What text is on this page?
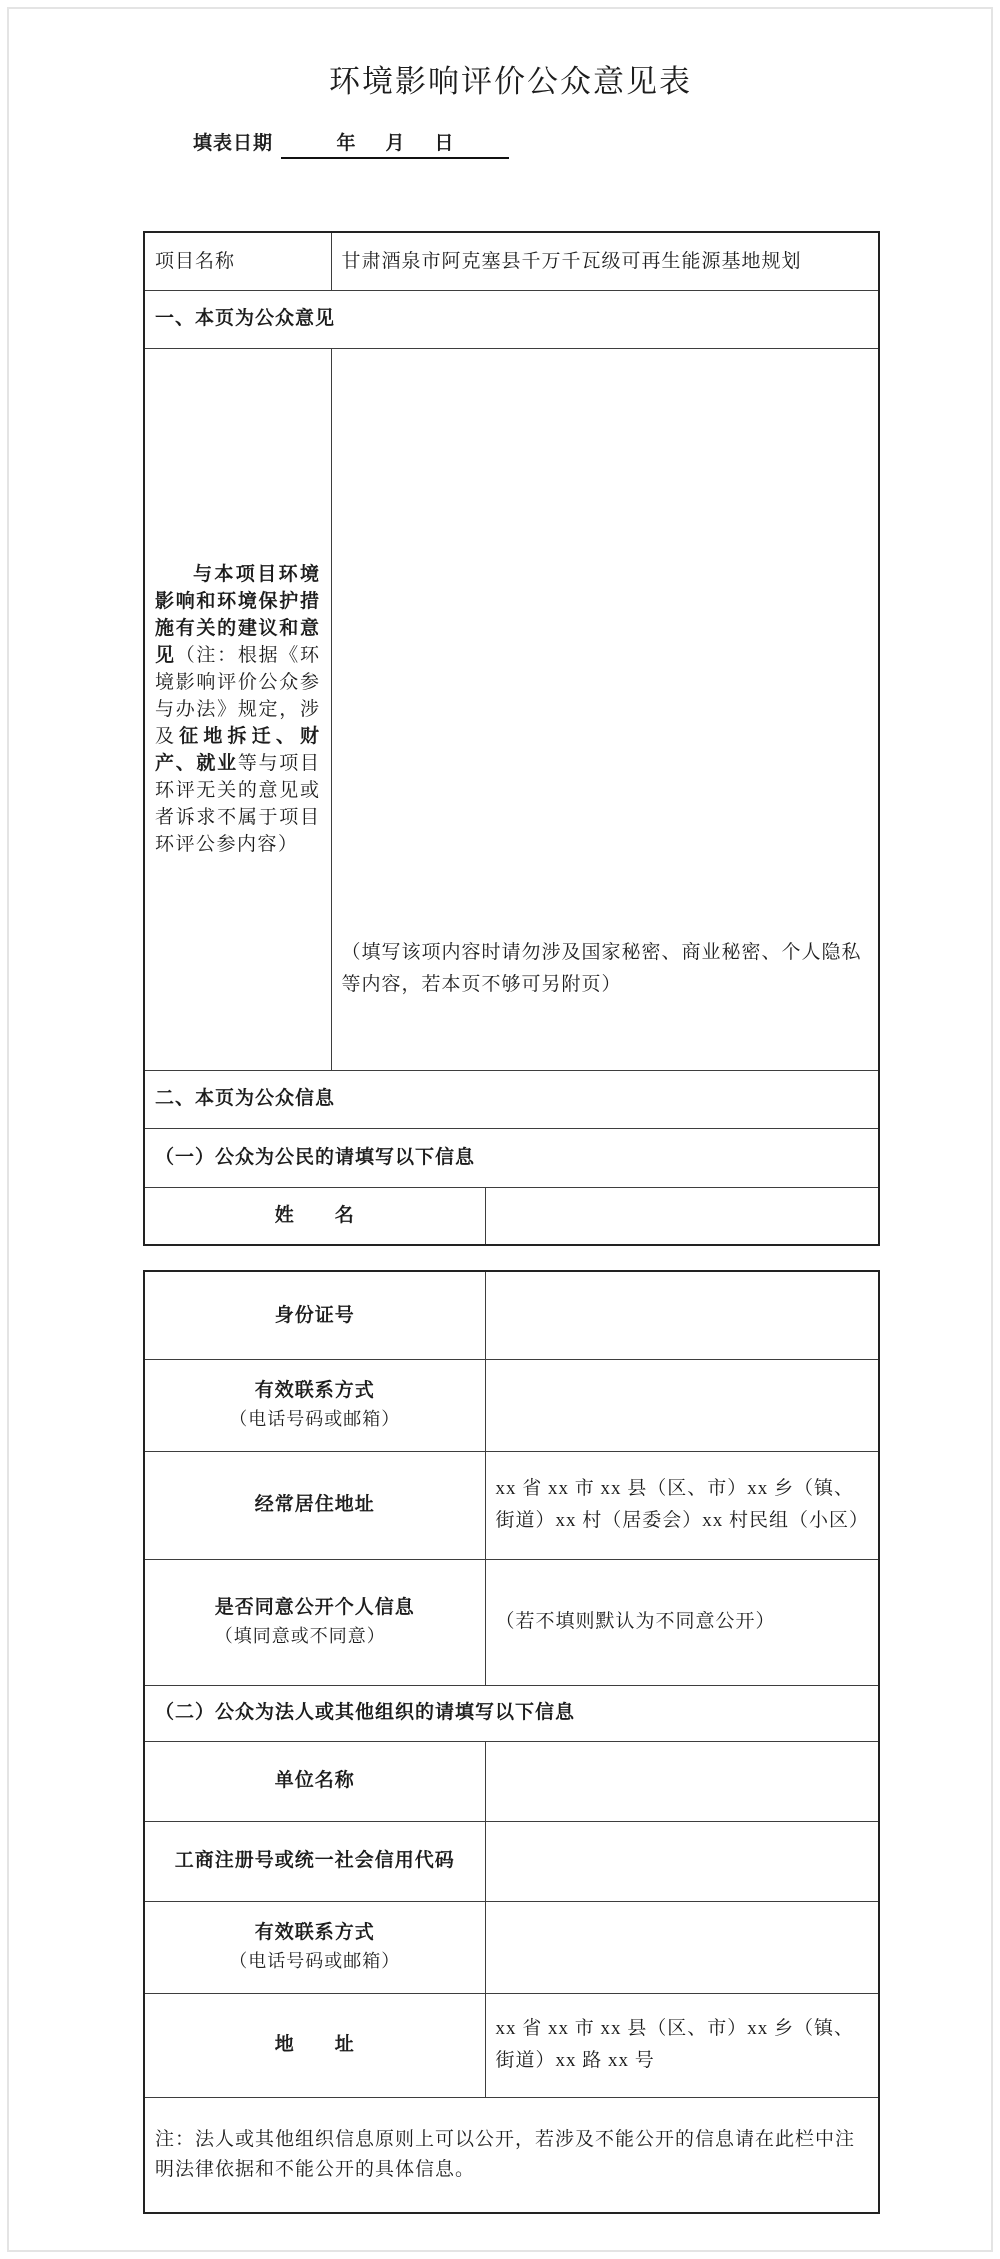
环境影响评价公众意见表
填表日期	年 月 日
项目名称	甘肃酒泉市阿克塞县千万千瓦级可再生能源基地规划	
一、本页为公众意见		

与本项目环境影响和环境保护措施有关的建议和意见（注：根据《环境影响评价公众参与办法》规定，涉及征地拆迁、财产、就业等与项目环评无关的意见或者诉求不属于项目环评公参内容）	（填写该项内容时请勿涉及国家秘密、商业秘密、个人隐私等内容，若本页不够可另附页）	

二、本页为公众信息		
（一）公众为公民的请填写以下信息		
姓　　名		
身份证号	

有效联系方式
（电话号码或邮箱）	

经常居住地址	xx 省 xx 市 xx 县（区、市）xx 乡（镇、街道）xx 村（居委会）xx 村民组（小区）

是否同意公开个人信息
（填同意或不同意）	（若不填则默认为不同意公开）

（二）公众为法人或其他组织的请填写以下信息	
单位名称	
工商注册号或统一社会信用代码	

有效联系方式
（电话号码或邮箱）	

地　　址	xx 省 xx 市 xx 县（区、市）xx 乡（镇、街道）xx 路 xx 号
注：法人或其他组织信息原则上可以公开，若涉及不能公开的信息请在此栏中注明法律依据和不能公开的具体信息。	
